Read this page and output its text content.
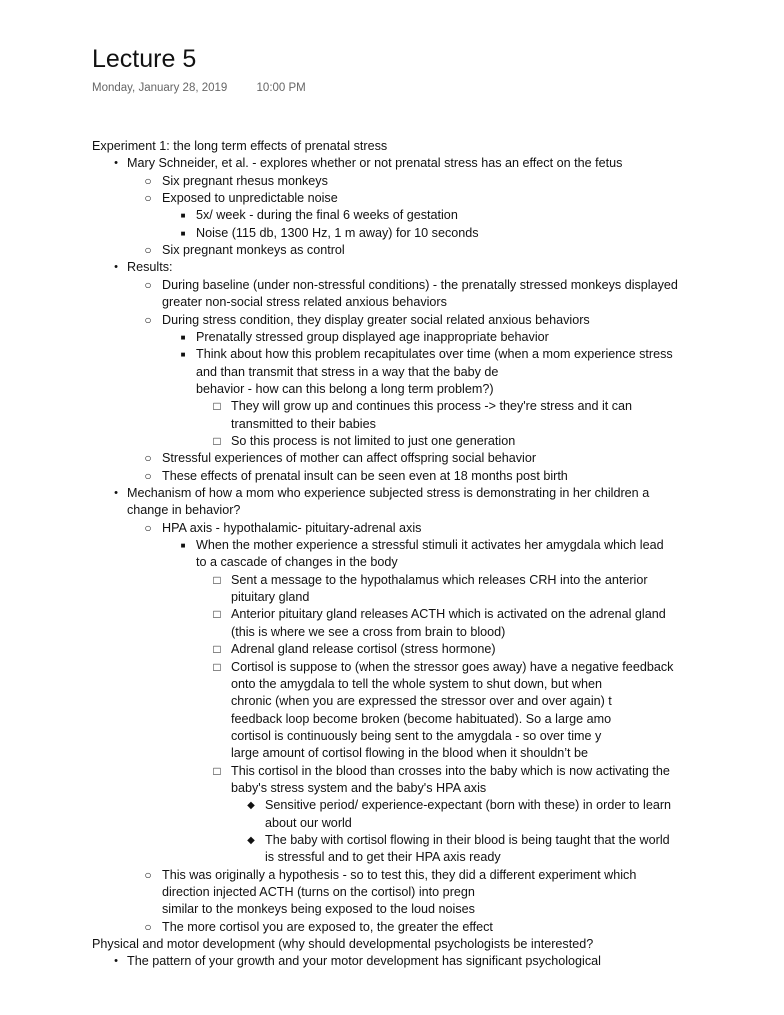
Lecture 5
Monday, January 28, 2019	10:00 PM
Experiment 1: the long term effects of prenatal stress
• Mary Schneider, et al. - explores whether or not prenatal stress has an effect on the fetus
○ Six pregnant rhesus monkeys
○ Exposed to unpredictable noise
■ 5x/ week - during the final 6 weeks of gestation
■ Noise (115 db, 1300 Hz, 1 m away) for 10 seconds
○ Six pregnant monkeys as control
• Results:
○ During baseline (under non-stressful conditions) - the prenatally stressed monkeys displayed
greater non-social stress related anxious behaviors
○ During stress condition, they display greater social related anxious behaviors
■ Prenatally stressed group displayed age inappropriate behavior
■ Think about how this problem recapitulates over time (when a mom experience stress
and than transmit that stress in a way that the baby de
behavior - how can this belong a long term problem?)
□ They will grow up and continues this process -> they're stress and it can
transmitted to their babies
□ So this process is not limited to just one generation
○ Stressful experiences of mother can affect offspring social behavior
○ These effects of prenatal insult can be seen even at 18 months post birth
• Mechanism of how a mom who experience subjected stress is demonstrating in her children a
change in behavior?
○ HPA axis - hypothalamic- pituitary-adrenal axis
■ When the mother experience a stressful stimuli it activates her amygdala which lead
to a cascade of changes in the body
□ Sent a message to the hypothalamus which releases CRH into the anterior
pituitary gland
□ Anterior pituitary gland releases ACTH which is activated on the adrenal gland
(this is where we see a cross from brain to blood)
□ Adrenal gland release cortisol (stress hormone)
□ Cortisol is suppose to (when the stressor goes away) have a negative feedback
onto the amygdala to tell the whole system to shut down, but when
chronic (when you are expressed the stressor over and over again) t
feedback loop become broken (become habituated). So a large amo
cortisol is continuously being sent to the amygdala - so over time y
large amount of cortisol flowing in the blood when it shouldn’t be
□ This cortisol in the blood than crosses into the baby which is now activating the
baby's stress system and the baby's HPA axis
◆ Sensitive period/ experience-expectant (born with these) in order to learn
about our world
◆ The baby with cortisol flowing in their blood is being taught that the world
is stressful and to get their HPA axis ready
○ This was originally a hypothesis - so to test this, they did a different experiment which
direction injected ACTH (turns on the cortisol) into pregn
similar to the monkeys being exposed to the loud noises
○ The more cortisol you are exposed to, the greater the effect
Physical and motor development (why should developmental psychologists be interested?
• The pattern of your growth and your motor development has significant psychological
